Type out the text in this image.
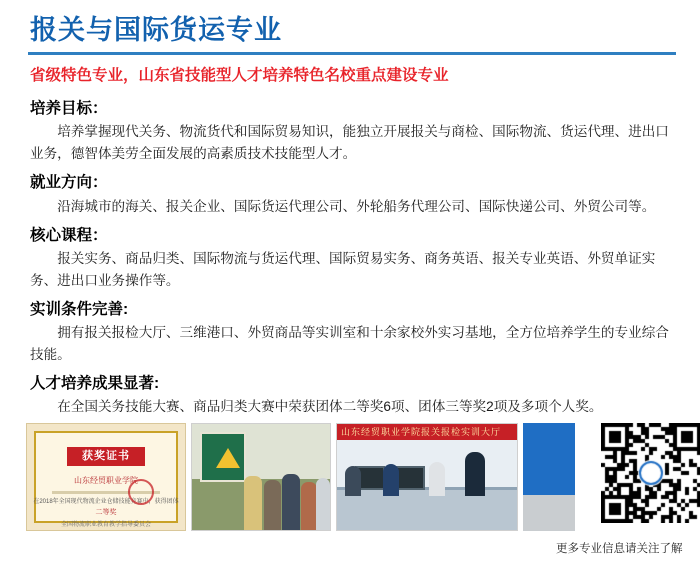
报关与国际货运专业
省级特色专业，山东省技能型人才培养特色名校重点建设专业
培养目标：

培养掌握现代关务、物流货代和国际贸易知识，能独立开展报关与商检、国际物流、货运代理、进出口业务，德智体美劳全面发展的高素质技术技能型人才。

就业方向：

沿海城市的海关、报关企业、国际货运代理公司、外轮船务代理公司、国际快递公司、外贸公司等。

核心课程：

报关实务、商品归类、国际物流与货运代理、国际贸易实务、商务英语、报关专业英语、外贸单证实务、进出口业务操作等。

实训条件完善:

拥有报关报检大厅、三维港口、外贸商品等实训室和十余家校外实习基地，全方位培养学生的专业综合技能。

人才培养成果显著:

在全国关务技能大赛、商品归类大赛中荣获团体二等奖6项、团体三等奖2项及多项个人奖。

获奖证书
山东经贸职业学院
在2018年全国现代物流企业仓储技能竞赛中，获得团体
二等奖
全国物流职业教育教学指导委员会
山东经贸职业学院报关报检实训大厅
更多专业信息请关注了解
